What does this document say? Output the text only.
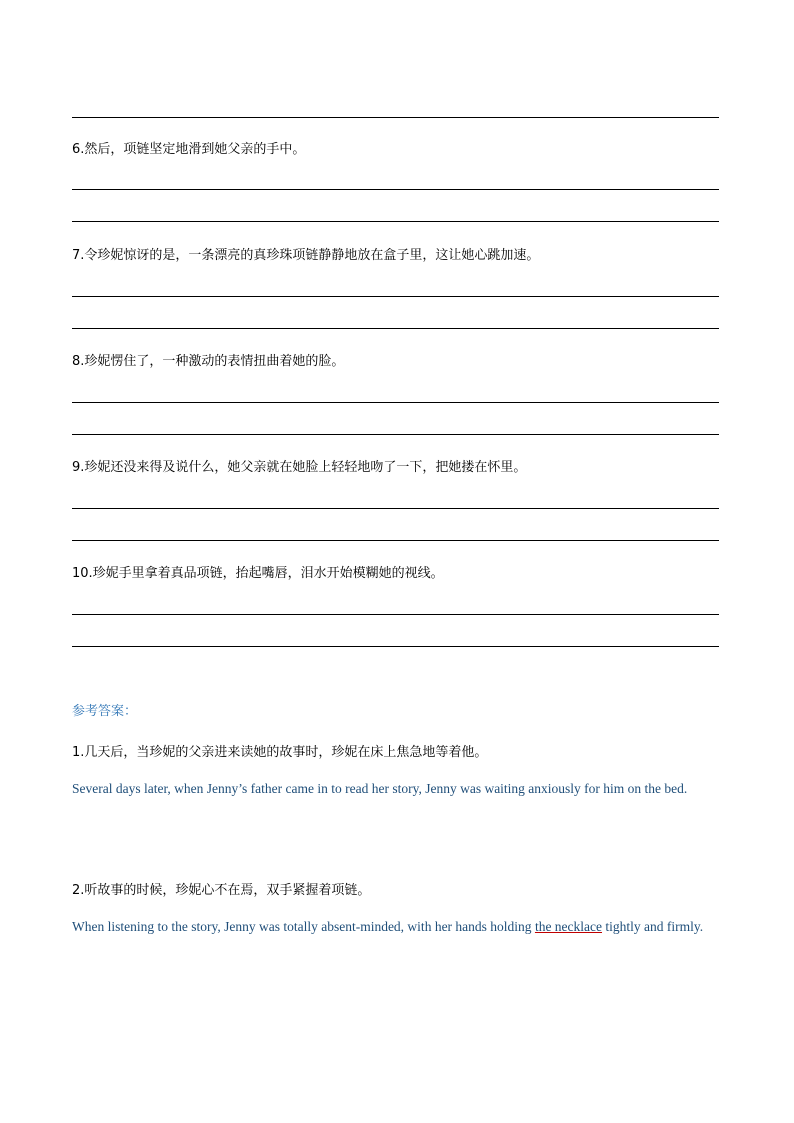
6.然后，项链坚定地滑到她父亲的手中。
7.令珍妮惊讶的是，一条漂亮的真珍珠项链静静地放在盒子里，这让她心跳加速。
8.珍妮愣住了，一种激动的表情扭曲着她的脸。
9.珍妮还没来得及说什么，她父亲就在她脸上轻轻地吻了一下，把她搂在怀里。
10.珍妮手里拿着真品项链，抬起嘴唇，泪水开始模糊她的视线。
参考答案：
1.几天后，当珍妮的父亲进来读她的故事时，珍妮在床上焦急地等着他。
Several days later, when Jenny’s father came in to read her story, Jenny was waiting anxiously for him on the bed.
2.听故事的时候，珍妮心不在焉，双手紧握着项链。
When listening to the story, Jenny was totally absent-minded, with her hands holding the necklace tightly and firmly.
